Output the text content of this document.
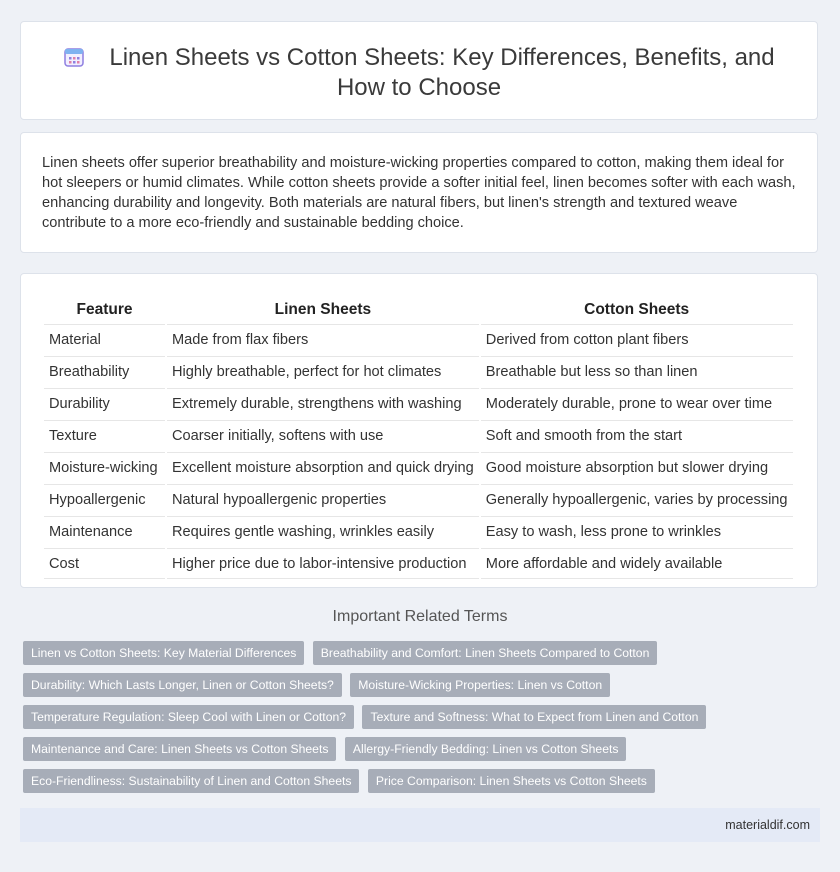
Linen Sheets vs Cotton Sheets: Key Differences, Benefits, and How to Choose
Linen sheets offer superior breathability and moisture-wicking properties compared to cotton, making them ideal for hot sleepers or humid climates. While cotton sheets provide a softer initial feel, linen becomes softer with each wash, enhancing durability and longevity. Both materials are natural fibers, but linen's strength and textured weave contribute to a more eco-friendly and sustainable bedding choice.
Feature	Linen Sheets	Cotton Sheets
Material	Made from flax fibers	Derived from cotton plant fibers
Breathability	Highly breathable, perfect for hot climates	Breathable but less so than linen
Durability	Extremely durable, strengthens with washing	Moderately durable, prone to wear over time
Texture	Coarser initially, softens with use	Soft and smooth from the start
Moisture-wicking	Excellent moisture absorption and quick drying	Good moisture absorption but slower drying
Hypoallergenic	Natural hypoallergenic properties	Generally hypoallergenic, varies by processing
Maintenance	Requires gentle washing, wrinkles easily	Easy to wash, less prone to wrinkles
Cost	Higher price due to labor-intensive production	More affordable and widely available
Important Related Terms
Linen vs Cotton Sheets: Key Material Differences Breathability and Comfort: Linen Sheets Compared to Cotton Durability: Which Lasts Longer, Linen or Cotton Sheets? Moisture-Wicking Properties: Linen vs Cotton Temperature Regulation: Sleep Cool with Linen or Cotton? Texture and Softness: What to Expect from Linen and Cotton Maintenance and Care: Linen Sheets vs Cotton Sheets Allergy-Friendly Bedding: Linen vs Cotton Sheets Eco-Friendliness: Sustainability of Linen and Cotton Sheets Price Comparison: Linen Sheets vs Cotton Sheets
materialdif.com
